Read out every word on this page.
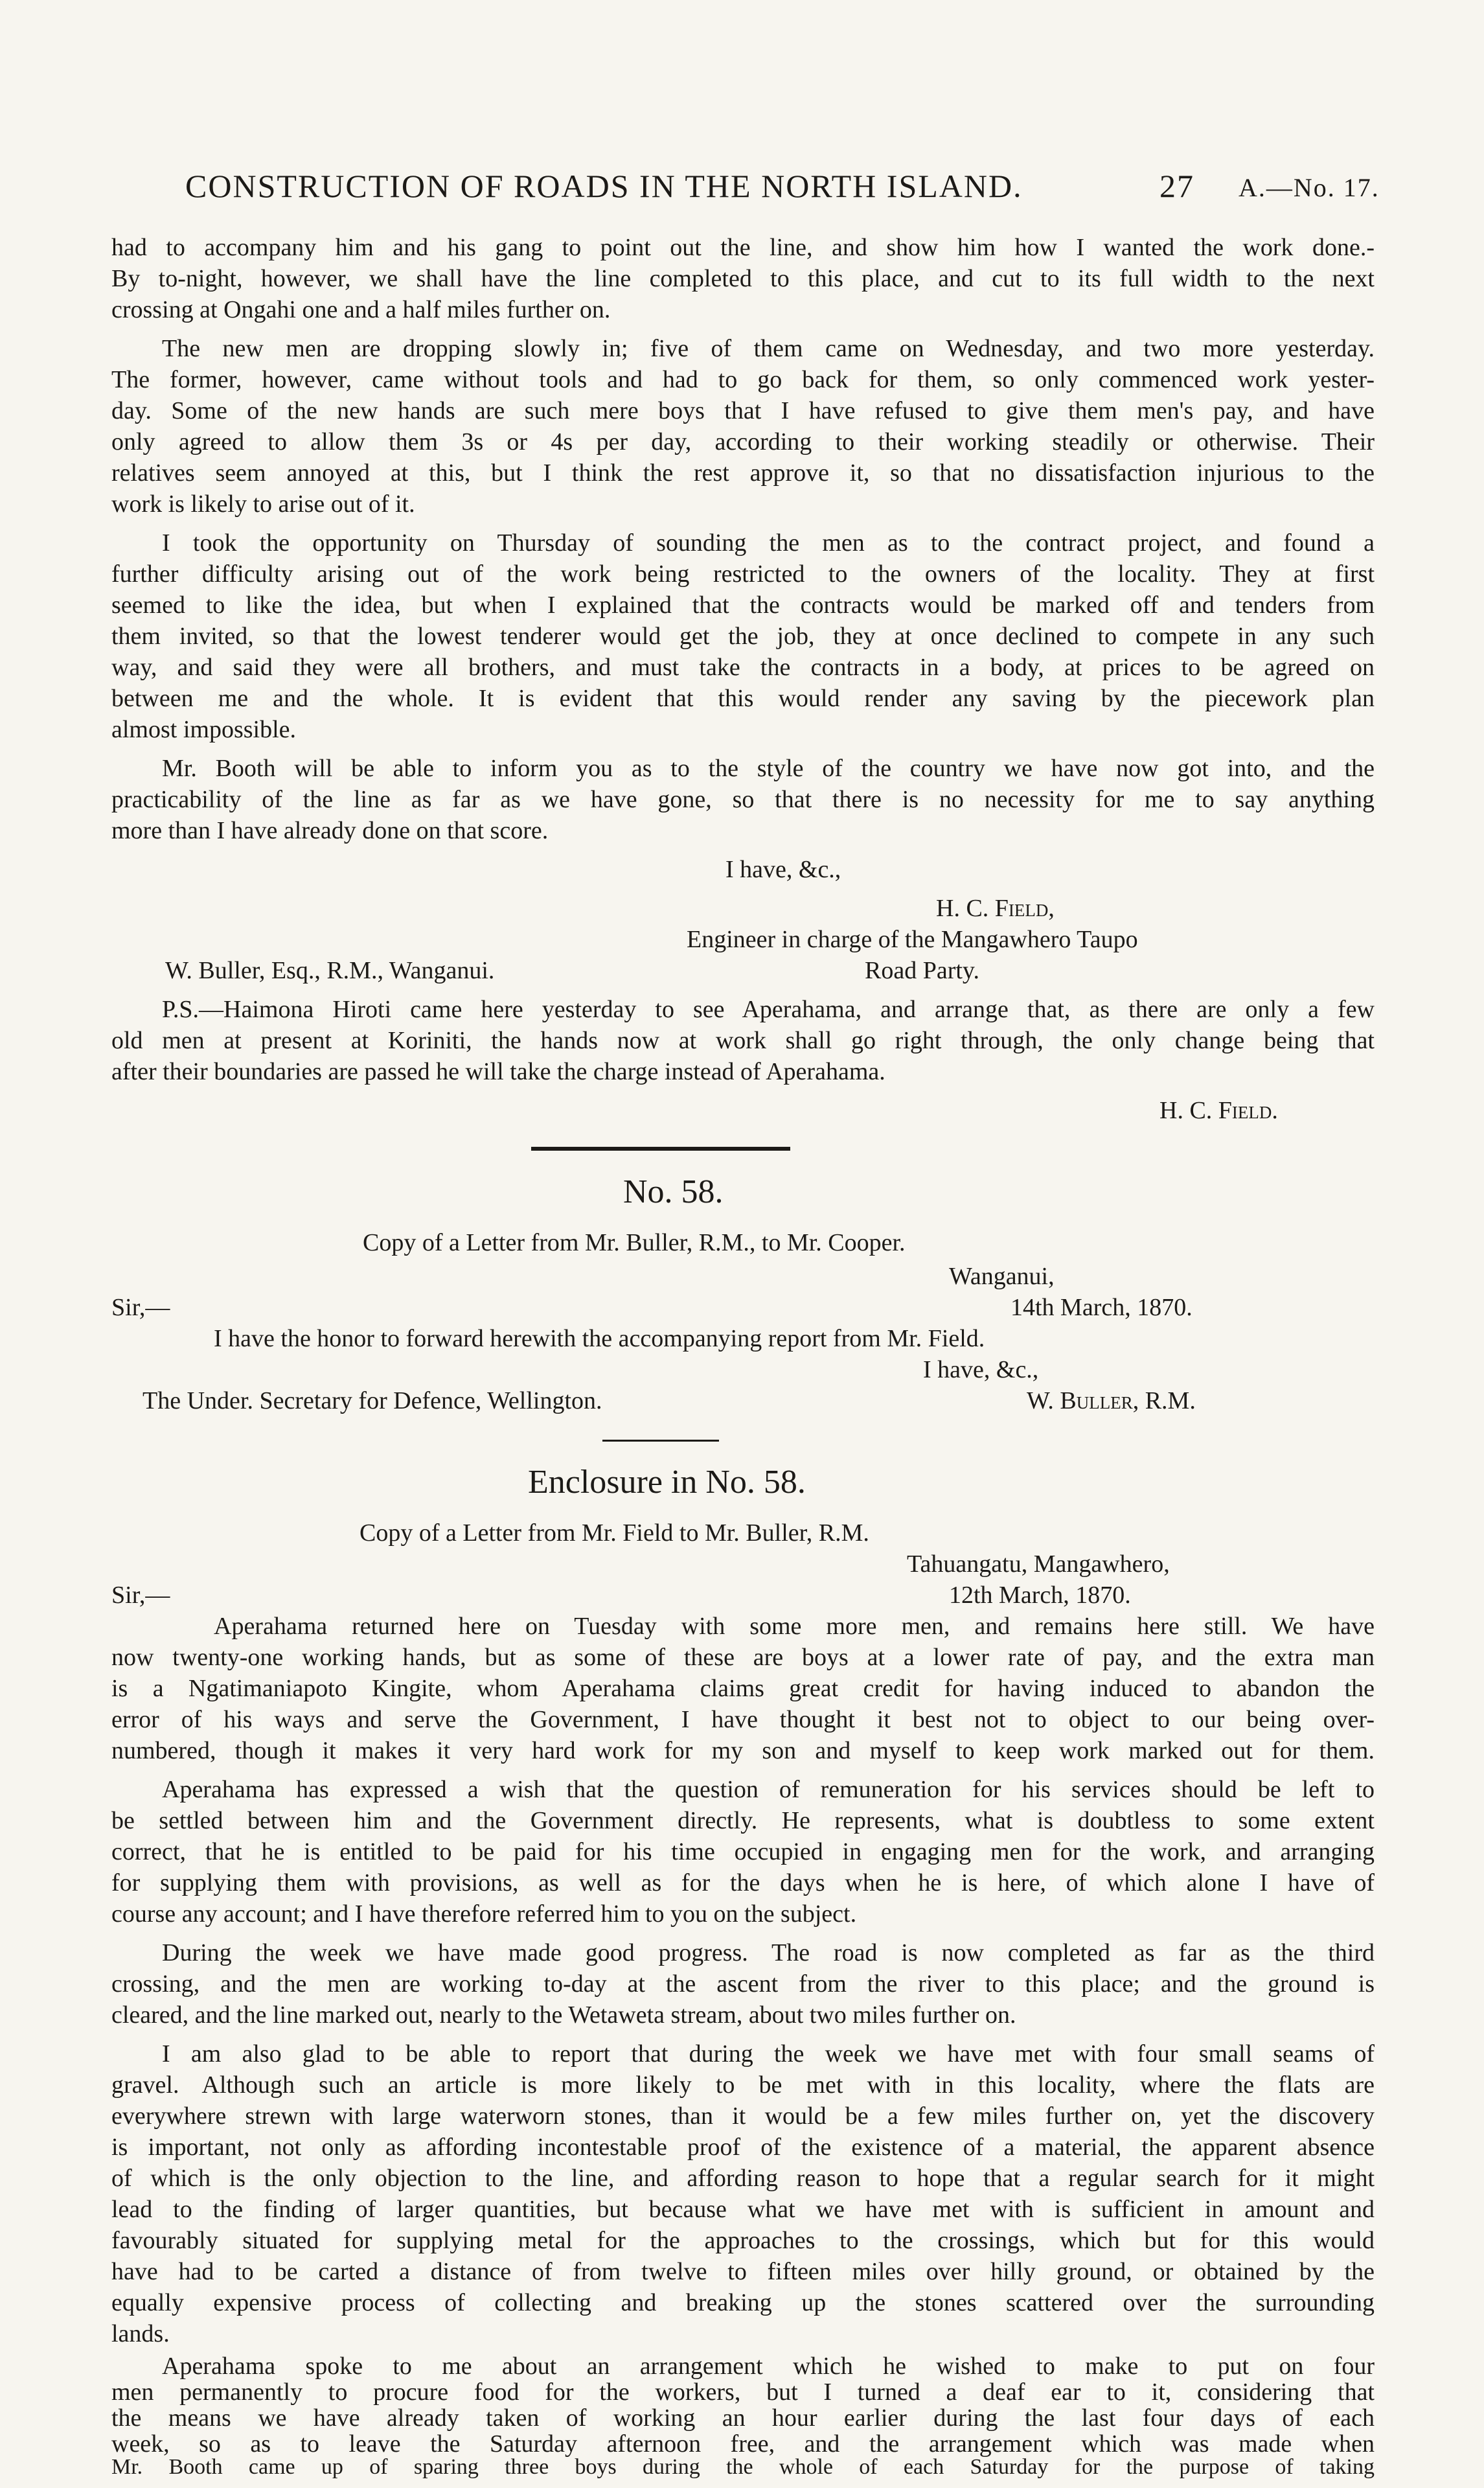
CONSTRUCTION OF ROADS IN THE NORTH ISLAND.	27 A.—No. 17.

had to accompany him and his gang to point out the line, and show him how I wanted the work done.-

By to-night, however, we shall have the line completed to this place, and cut to its full width to the next

crossing at Ongahi one and a half miles further on.

The new men are dropping slowly in; five of them came on Wednesday, and two more yesterday.

The former, however, came without tools and had to go back for them, so only commenced work yester-

day. Some of the new hands are such mere boys that I have refused to give them men's pay, and have

only agreed to allow them 3s or 4s per day, according to their working steadily or otherwise. Their

relatives seem annoyed at this, but I think the rest approve it, so that no dissatisfaction injurious to the

work is likely to arise out of it.

I took the opportunity on Thursday of sounding the men as to the contract project, and found a

further difficulty arising out of the work being restricted to the owners of the locality. They at first

seemed to like the idea, but when I explained that the contracts would be marked off and tenders from

them invited, so that the lowest tenderer would get the job, they at once declined to compete in any such

way, and said they were all brothers, and must take the contracts in a body, at prices to be agreed on

between me and the whole. It is evident that this would render any saving by the piecework plan

almost impossible.

Mr. Booth will be able to inform you as to the style of the country we have now got into, and the

practicability of the line as far as we have gone, so that there is no necessity for me to say anything

more than I have already done on that score.

I have, &c.,

H. C. Field,

Engineer in charge of the Mangawhero Taupo

W. Buller, Esq., R.M., Wanganui.	Road Party.

P.S.—Haimona Hiroti came here yesterday to see Aperahama, and arrange that, as there are only a few

old men at present at Koriniti, the hands now at work shall go right through, the only change being that

after their boundaries are passed he will take the charge instead of Aperahama.

H. C. Field.

No. 58.

Copy of a Letter from Mr. Buller, R.M., to Mr. Cooper.

Wanganui,

Sir,—	14th March, 1870.

I have the honor to forward herewith the accompanying report from Mr. Field.

I have, &c.,

The Under. Secretary for Defence, Wellington.	W. Buller, R.M.

Enclosure in No. 58.

Copy of a Letter from Mr. Field to Mr. Buller, R.M.

Tahuangatu, Mangawhero,

Sir,—	12th March, 1870.

Aperahama returned here on Tuesday with some more men, and remains here still. We have

now twenty-one working hands, but as some of these are boys at a lower rate of pay, and the extra man

is a Ngatimaniapoto Kingite, whom Aperahama claims great credit for having induced to abandon the

error of his ways and serve the Government, I have thought it best not to object to our being over-

numbered, though it makes it very hard work for my son and myself to keep work marked out for them.

Aperahama has expressed a wish that the question of remuneration for his services should be left to

be settled between him and the Government directly. He represents, what is doubtless to some extent

correct, that he is entitled to be paid for his time occupied in engaging men for the work, and arranging

for supplying them with provisions, as well as for the days when he is here, of which alone I have of

course any account; and I have therefore referred him to you on the subject.

During the week we have made good progress. The road is now completed as far as the third

crossing, and the men are working to-day at the ascent from the river to this place; and the ground is

cleared, and the line marked out, nearly to the Wetaweta stream, about two miles further on.

I am also glad to be able to report that during the week we have met with four small seams of

gravel. Although such an article is more likely to be met with in this locality, where the flats are

everywhere strewn with large waterworn stones, than it would be a few miles further on, yet the discovery

is important, not only as affording incontestable proof of the existence of a material, the apparent absence

of which is the only objection to the line, and affording reason to hope that a regular search for it might

lead to the finding of larger quantities, but because what we have met with is sufficient in amount and

favourably situated for supplying metal for the approaches to the crossings, which but for this would

have had to be carted a distance of from twelve to fifteen miles over hilly ground, or obtained by the

equally expensive process of collecting and breaking up the stones scattered over the surrounding

lands.

Aperahama spoke to me about an arrangement which he wished to make to put on four

men permanently to procure food for the workers, but I turned a deaf ear to it, considering that

the means we have already taken of working an hour earlier during the last four days of each

week, so as to leave the Saturday afternoon free, and the arrangement which was made when

Mr. Booth came up of sparing three boys during the whole of each Saturday for the purpose of taking
